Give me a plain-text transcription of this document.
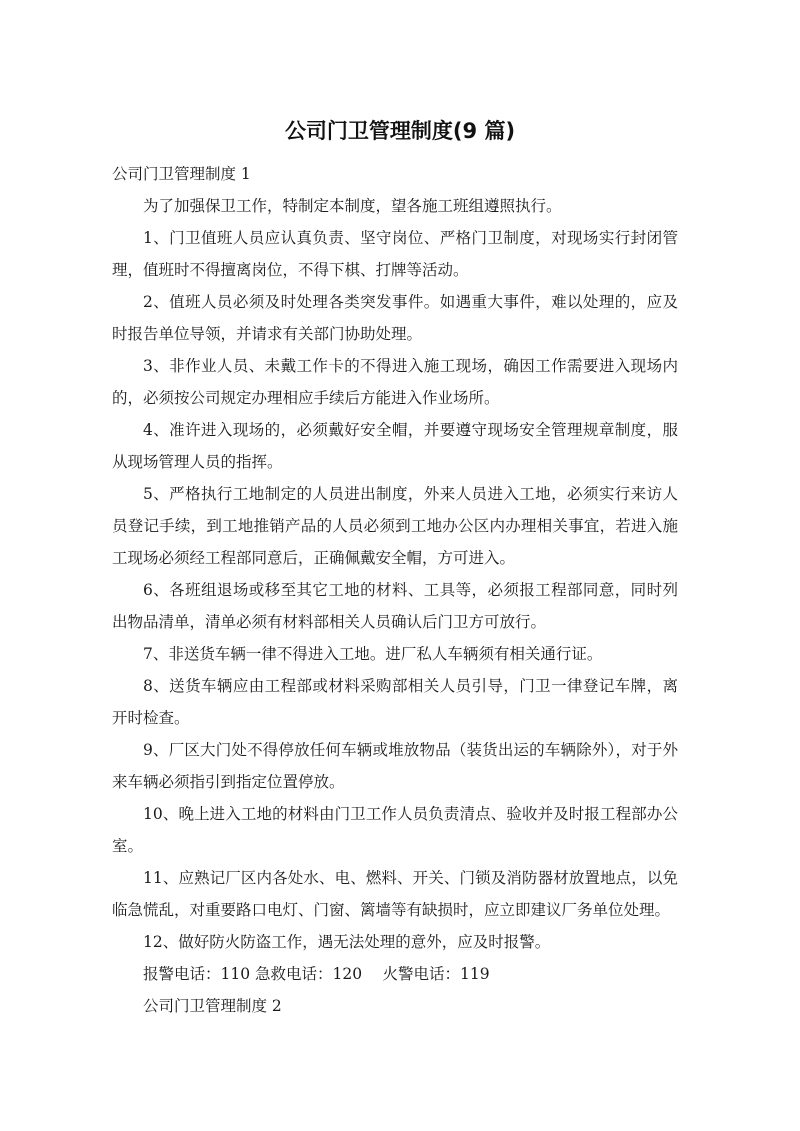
公司门卫管理制度(9 篇)

公司门卫管理制度 1

为了加强保卫工作，特制定本制度，望各施工班组遵照执行。

1、门卫值班人员应认真负责、坚守岗位、严格门卫制度，对现场实行封闭管理，值班时不得擅离岗位，不得下棋、打牌等活动。

2、值班人员必须及时处理各类突发事件。如遇重大事件，难以处理的，应及时报告单位导领，并请求有关部门协助处理。

3、非作业人员、未戴工作卡的不得进入施工现场，确因工作需要进入现场内的，必须按公司规定办理相应手续后方能进入作业场所。

4、准许进入现场的，必须戴好安全帽，并要遵守现场安全管理规章制度，服从现场管理人员的指挥。

5、严格执行工地制定的人员进出制度，外来人员进入工地，必须实行来访人员登记手续，到工地推销产品的人员必须到工地办公区内办理相关事宜，若进入施工现场必须经工程部同意后，正确佩戴安全帽，方可进入。

6、各班组退场或移至其它工地的材料、工具等，必须报工程部同意，同时列出物品清单，清单必须有材料部相关人员确认后门卫方可放行。

7、非送货车辆一律不得进入工地。进厂私人车辆须有相关通行证。

8、送货车辆应由工程部或材料采购部相关人员引导，门卫一律登记车牌，离开时检查。

9、厂区大门处不得停放任何车辆或堆放物品（装货出运的车辆除外），对于外来车辆必须指引到指定位置停放。

10、晚上进入工地的材料由门卫工作人员负责清点、验收并及时报工程部办公室。

11、应熟记厂区内各处水、电、燃料、开关、门锁及消防器材放置地点，以免临急慌乱，对重要路口电灯、门窗、篱墙等有缺损时，应立即建议厂务单位处理。

12、做好防火防盗工作，遇无法处理的意外，应及时报警。

报警电话：110 急救电话：120　 火警电话：119

公司门卫管理制度 2
